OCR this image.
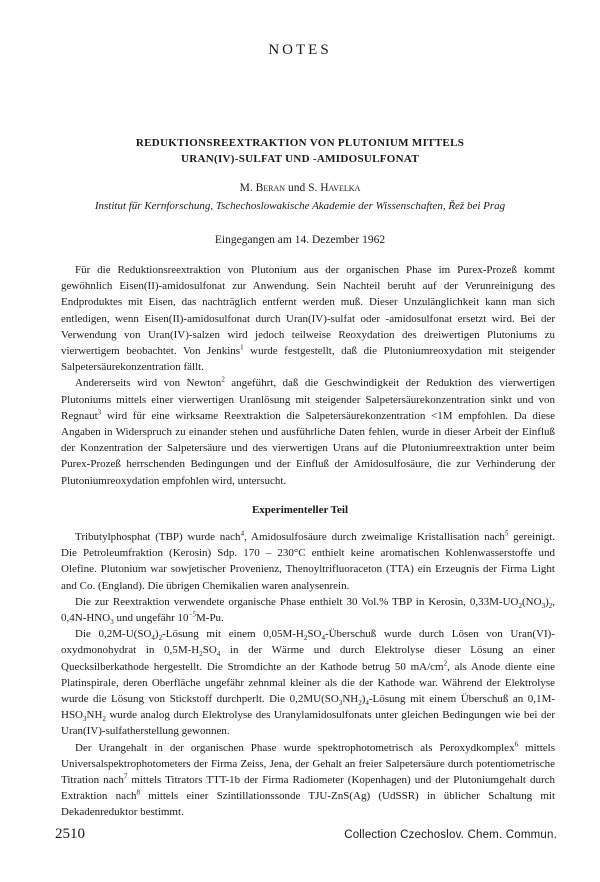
NOTES
REDUKTIONSREEXTRAKTION VON PLUTONIUM MITTELS
URAN(IV)-SULFAT UND -AMIDOSULFONAT
M. Beran und S. Havelka
Institut für Kernforschung, Tschechoslowakische Akademie der Wissenschaften, Řež bei Prag
Eingegangen am 14. Dezember 1962

Für die Reduktionsreextraktion von Plutonium aus der organischen Phase im Purex-Prozeß kommt gewöhnlich Eisen(II)-amidosulfonat zur Anwendung. Sein Nachteil beruht auf der Verunreinigung des Endproduktes mit Eisen, das nachträglich entfernt werden muß. Dieser Unzulänglichkeit kann man sich entledigen, wenn Eisen(II)-amidosulfonat durch Uran(IV)-sulfat oder -amidosulfonat ersetzt wird. Bei der Verwendung von Uran(IV)-salzen wird jedoch teilweise Reoxydation des dreiwertigen Plutoniums zu vierwertigem beobachtet. Von Jenkins$^1$ wurde festgestellt, daß die Plutoniumreoxydation mit steigender Salpetersäurekonzentration fällt.

Andererseits wird von Newton$^2$ angeführt, daß die Geschwindigkeit der Reduktion des vierwertigen Plutoniums mittels einer vierwertigen Uranlösung mit steigender Salpetersäurekonzentration sinkt und von Regnaut$^3$ wird für eine wirksame Reextraktion die Salpetersäurekonzentration <1M empfohlen. Da diese Angaben in Widerspruch zu einander stehen und ausführliche Daten fehlen, wurde in dieser Arbeit der Einfluß der Konzentration der Salpetersäure und des vierwertigen Urans auf die Plutoniumreextraktion unter beim Purex-Prozeß herrschenden Bedingungen und der Einfluß der Amidosulfosäure, die zur Verhinderung der Plutoniumreoxydation empfohlen wird, untersucht.

Experimenteller Teil

Tributylphosphat (TBP) wurde nach$^4$, Amidosulfosäure durch zweimalige Kristallisation nach$^5$ gereinigt. Die Petroleumfraktion (Kerosin) Sdp. 170 – 230°C enthielt keine aromatischen Kohlenwasserstoffe und Olefine. Plutonium war sowjetischer Provenienz, Thenoyltrifluoraceton (TTA) ein Erzeugnis der Firma Light and Co. (England). Die übrigen Chemikalien waren analysenrein.

Die zur Reextraktion verwendete organische Phase enthielt 30 Vol.% TBP in Kerosin, $0,33M-UO_2(NO_3)_2$, $0,4N-HNO_3$ und ungefähr $10^{-5}M-Pu$.

Die $0,2M-U(SO_4)_2$-Lösung mit einem $0,05M-H_2SO_4$-Überschuß wurde durch Lösen von Uran(VI)-oxydmonohydrat in $0,5M-H_2SO_4$ in der Wärme und durch Elektrolyse dieser Lösung an einer Quecksilberkathode hergestellt. Die Stromdichte an der Kathode betrug 50 $mA/cm^2$, als Anode diente eine Platinspirale, deren Oberfläche ungefähr zehnmal kleiner als die der Kathode war. Während der Elektrolyse wurde die Lösung von Stickstoff durchperlt. Die $0,2MU(SO_3NH_2)_4$-Lösung mit einem Überschuß an $0,1M-HSO_3NH_2$ wurde analog durch Elektrolyse des Uranylamidosulfonats unter gleichen Bedingungen wie bei der Uran(IV)-sulfatherstellung gewonnen.

Der Urangehalt in der organischen Phase wurde spektrophotometrisch als Peroxydkomplex$^6$ mittels Universalspektrophotometers der Firma Zeiss, Jena, der Gehalt an freier Salpetersäure durch potentiometrische Titration nach$^7$ mittels Titrators TTT-1b der Firma Radiometer (Kopenhagen) und der Plutoniumgehalt durch Extraktion nach$^8$ mittels einer Szintillationssonde TJU-ZnS(Ag) (UdSSR) in üblicher Schaltung mit Dekadenreduktor bestimmt.

2510	Collection Czechoslov. Chem. Commun.
